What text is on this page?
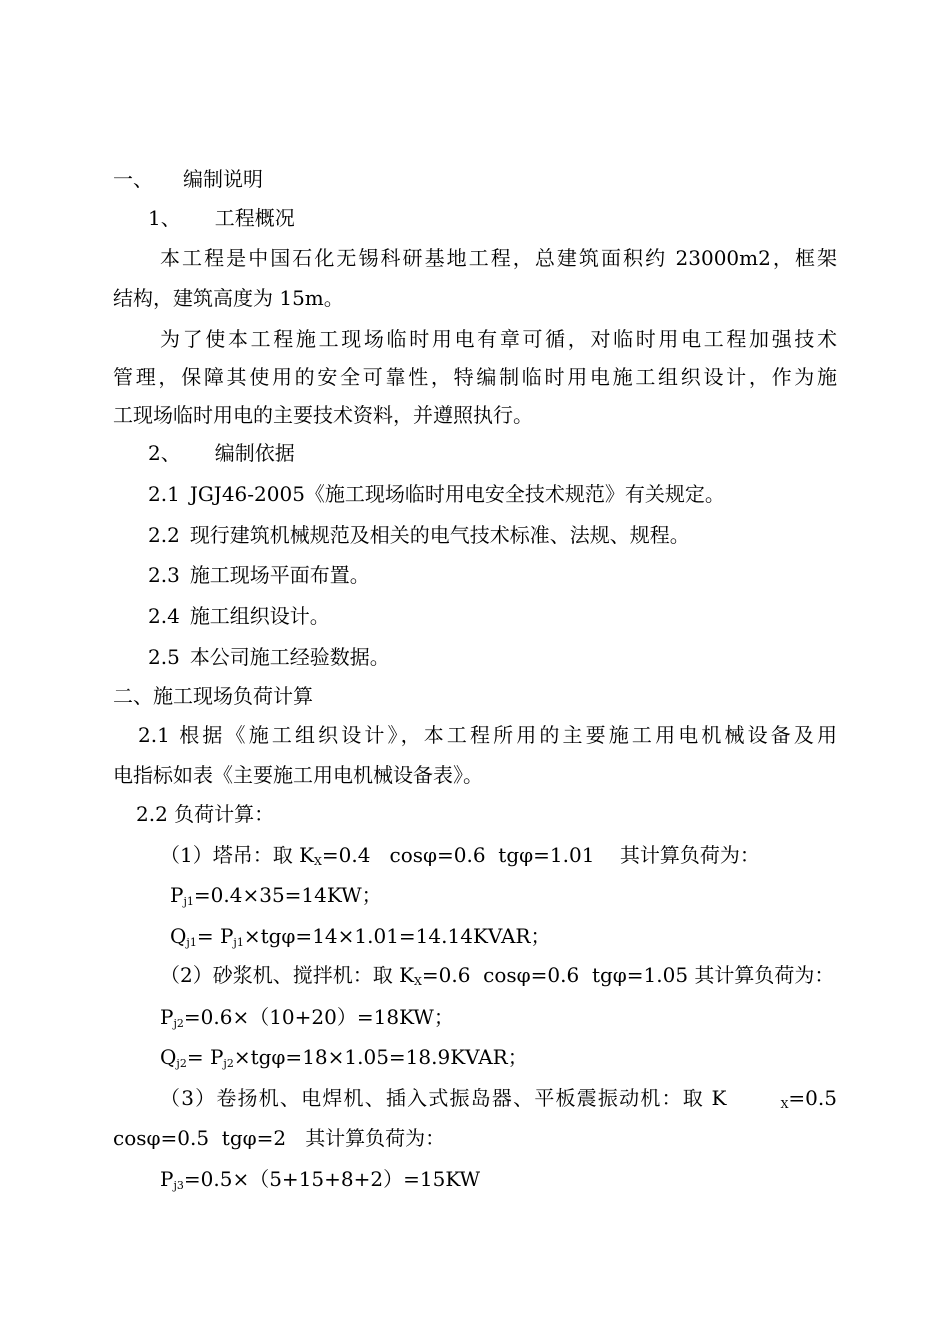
一、 编制说明
1、 工程概况
本工程是中国石化无锡科研基地工程，总建筑面积约 23000m2，框架
结构，建筑高度为 15m。
为了使本工程施工现场临时用电有章可循，对临时用电工程加强技术
管理，保障其使用的安全可靠性，特编制临时用电施工组织设计，作为施
工现场临时用电的主要技术资料，并遵照执行。
2、 编制依据
2.1 JGJ46-2005《施工现场临时用电安全技术规范》有关规定。
2.2 现行建筑机械规范及相关的电气技术标准、法规、规程。
2.3 施工现场平面布置。
2.4 施工组织设计。
2.5 本公司施工经验数据。
二、施工现场负荷计算
2.1 根据《施工组织设计》，本工程所用的主要施工用电机械设备及用
电指标如表《主要施工用电机械设备表》。
2.2 负荷计算：
（1）塔吊：取 $K_X=0.4$   cosφ=0.6  tgφ=1.01    其计算负荷为：
$P_{j1}=0.4\times 35=14KW$；
$Q_{j1}=$ $P_{j1}\times tg\varphi=14\times 1.01=14.14KVAR$；
（2）砂浆机、搅拌机：取 $K_X=0.6$  cosφ=0.6  tgφ=1.05 其计算负荷为：
$P_{j2}=0.6\times(10+20)=18KW$；
$Q_{j2}=$ $P_{j2}\times tg\varphi=18\times 1.05=18.9KVAR$；
（3）卷扬机、电焊机、插入式振岛器、平板震振动机：取 K	$_X$=0.5
cosφ=0.5  tgφ=2   其计算负荷为：
$P_{j3}=0.5\times(5+15+8+2)=15KW$
